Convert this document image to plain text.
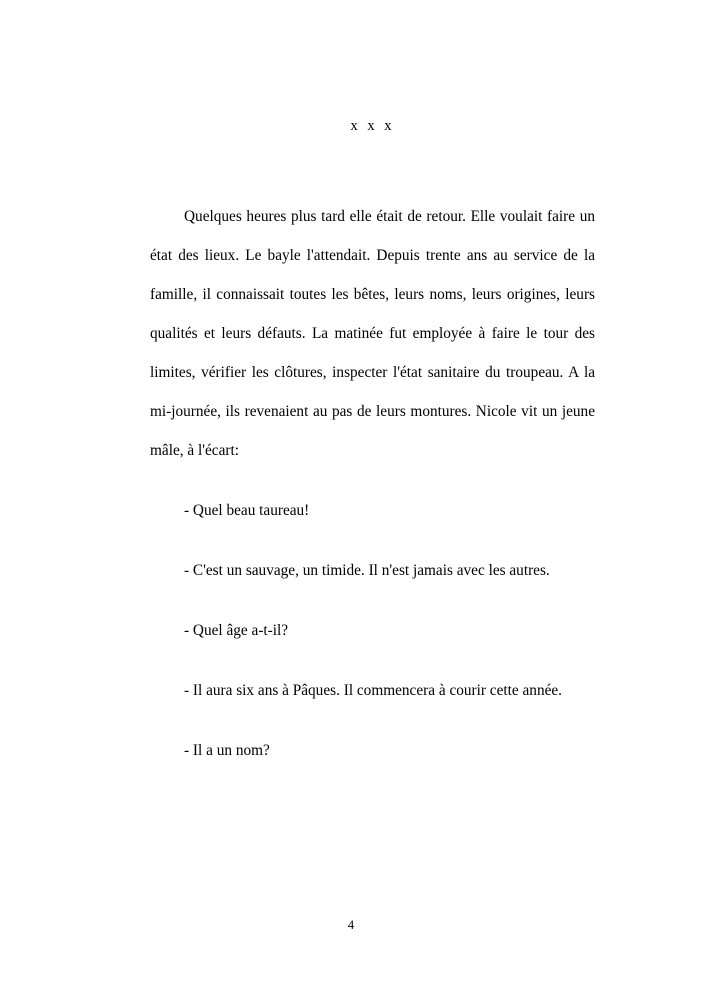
x x x

Quelques heures plus tard elle était de retour. Elle voulait faire un état des lieux. Le bayle l'attendait. Depuis trente ans au service de la famille, il connaissait toutes les bêtes, leurs noms, leurs origines, leurs qualités et leurs défauts. La matinée fut employée à faire le tour des limites, vérifier les clôtures, inspecter l'état sanitaire du troupeau. A la mi-journée, ils revenaient au pas de leurs montures. Nicole vit un jeune mâle, à l'écart:

- Quel beau taureau!

- C'est un sauvage, un timide. Il n'est jamais avec les autres.

- Quel âge a-t-il?

- Il aura six ans à Pâques. Il commencera à courir cette année.

- Il a un nom?

4
